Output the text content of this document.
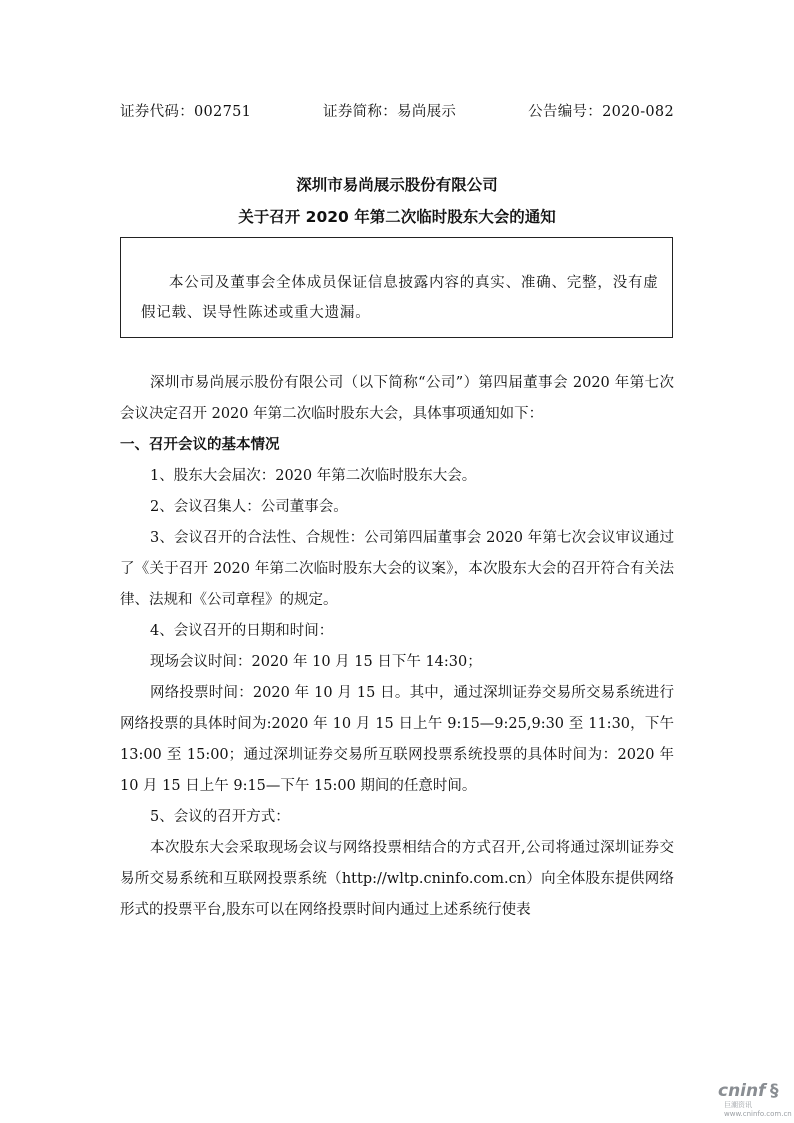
证券代码：002751	证券简称：易尚展示	公告编号：2020-082
深圳市易尚展示股份有限公司
关于召开 2020 年第二次临时股东大会的通知
本公司及董事会全体成员保证信息披露内容的真实、准确、完整，没有虚
假记载、误导性陈述或重大遗漏。

深圳市易尚展示股份有限公司（以下简称“公司”）第四届董事会 2020 年第七次会议决定召开 2020 年第二次临时股东大会，具体事项通知如下：

一、召开会议的基本情况

1、股东大会届次：2020 年第二次临时股东大会。

2、会议召集人：公司董事会。

3、会议召开的合法性、合规性：公司第四届董事会 2020 年第七次会议审议通过了《关于召开 2020 年第二次临时股东大会的议案》，本次股东大会的召开符合有关法律、法规和《公司章程》的规定。

4、会议召开的日期和时间：

现场会议时间：2020 年 10 月 15 日下午 14:30；

网络投票时间：2020 年 10 月 15 日。其中，通过深圳证券交易所交易系统进行网络投票的具体时间为:2020 年 10 月 15 日上午 9:15—9:25,9:30 至 11:30，下午 13:00 至 15:00；通过深圳证券交易所互联网投票系统投票的具体时间为：2020 年 10 月 15 日上午 9:15—下午 15:00 期间的任意时间。

5、会议的召开方式：

本次股东大会采取现场会议与网络投票相结合的方式召开,公司将通过深圳证券交易所交易系统和互联网投票系统（http://wltp.cninfo.com.cn）向全体股东提供网络形式的投票平台,股东可以在网络投票时间内通过上述系统行使表

cninf §
巨潮资讯 www.cninfo.com.cn
